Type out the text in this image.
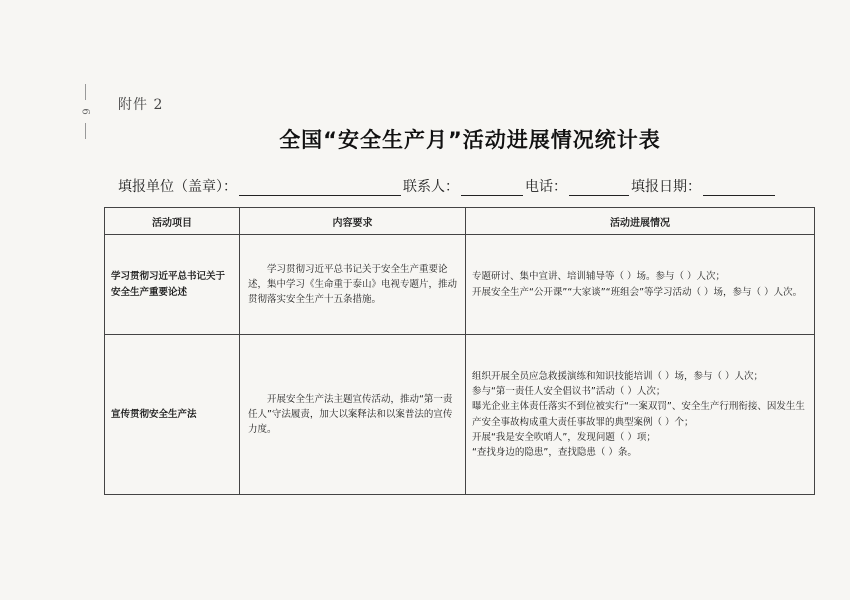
6 附件 2
全国“安全生产月”活动进展情况统计表
填报单位（盖章）：	联系人：	电话：	填报日期：
活动项目	内容要求	活动进展情况
学习贯彻习近平总书记关于安全生产重要论述	学习贯彻习近平总书记关于安全生产重要论述，集中学习《生命重于泰山》电视专题片，推动贯彻落实安全生产十五条措施。	专题研讨、集中宣讲、培训辅导等（ ）场。参与（ ）人次；
开展安全生产“公开课”“大家谈”“班组会”等学习活动（ ）场，参与（ ）人次。

宣传贯彻安全生产法	开展安全生产法主题宣传活动，推动“第一责任人”守法履责，加大以案释法和以案普法的宣传力度。	组织开展全员应急救援演练和知识技能培训（ ）场，参与（ ）人次；
参与“第一责任人安全倡议书”活动（ ）人次；
曝光企业主体责任落实不到位被实行“一案双罚”、安全生产行刑衔接、因发生生产安全事故构成重大责任事故罪的典型案例（ ）个；
开展“我是安全吹哨人”，发现问题（ ）项；
“查找身边的隐患”，查找隐患（ ）条。
